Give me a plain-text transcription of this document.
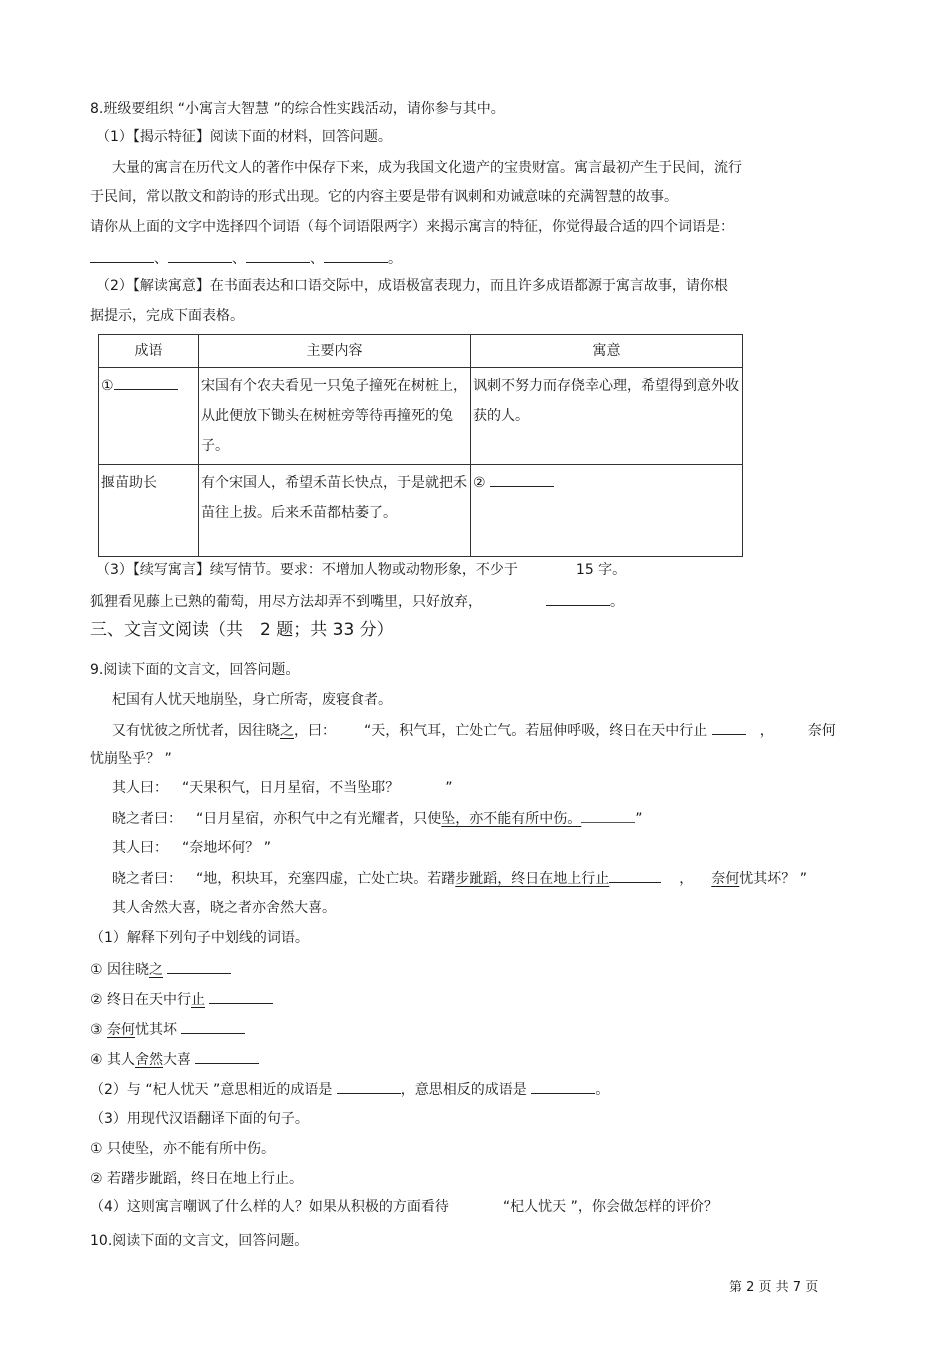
8.班级要组织 “小寓言大智慧 ”的综合性实践活动，请你参与其中。
（1）【揭示特征】阅读下面的材料，回答问题。
大量的寓言在历代文人的著作中保存下来，成为我国文化遗产的宝贵财富。寓言最初产生于民间，流行
于民间，常以散文和韵诗的形式出现。它的内容主要是带有讽刺和劝诫意味的充满智慧的故事。
请你从上面的文字中选择四个词语（每个词语限两字）来揭示寓言的特征，你觉得最合适的四个词语是：
、	、	、	。
（2）【解读寓意】在书面表达和口语交际中，成语极富表现力，而且许多成语都源于寓言故事，请你根
据提示，完成下面表格。
成语	主要内容	寓意
①	宋国有个农夫看见一只兔子撞死在树桩上，从此便放下锄头在树桩旁等待再撞死的兔子。	讽刺不努力而存侥幸心理，希望得到意外收获的人。
揠苗助长	有个宋国人，希望禾苗长快点，于是就把禾苗往上拔。后来禾苗都枯萎了。	②
（3）【续写寓言】续写情节。要求：不增加人物或动物形象，不少于	15 字。
狐狸看见藤上已熟的葡萄，用尽方法却弄不到嘴里，只好放弃，	。
三、文言文阅读（共　2 题；共 33 分）
9.阅读下面的文言文，回答问题。
杞国有人忧天地崩坠，身亡所寄，废寝食者。
又有忧彼之所忧者，因往晓之，曰： “天，积气耳，亡处亡气。若屈伸呼吸，终日在天中行止	， 奈何
忧崩坠乎？ ”
其人曰： “天果积气，日月星宿，不当坠耶？	”
晓之者曰： “日月星宿，亦积气中之有光耀者，只使坠，亦不能有所中伤。	”
其人曰： “奈地坏何？ ”
晓之者曰： “地，积块耳，充塞四虚，亡处亡块。若躇步跐蹈，终日在地上行止	， 奈何忧其坏？ ”
其人舍然大喜，晓之者亦舍然大喜。
（1）解释下列句子中划线的词语。
① 因往晓之
② 终日在天中行止
③ 奈何忧其坏
④ 其人舍然大喜
（2）与 “杞人忧天 ”意思相近的成语是	，意思相反的成语是	。
（3）用现代汉语翻译下面的句子。
① 只使坠，亦不能有所中伤。
② 若躇步跐蹈，终日在地上行止。
（4）这则寓言嘲讽了什么样的人？如果从积极的方面看待	“杞人忧天 ”，你会做怎样的评价？
10.阅读下面的文言文，回答问题。
第 2 页 共 7 页
